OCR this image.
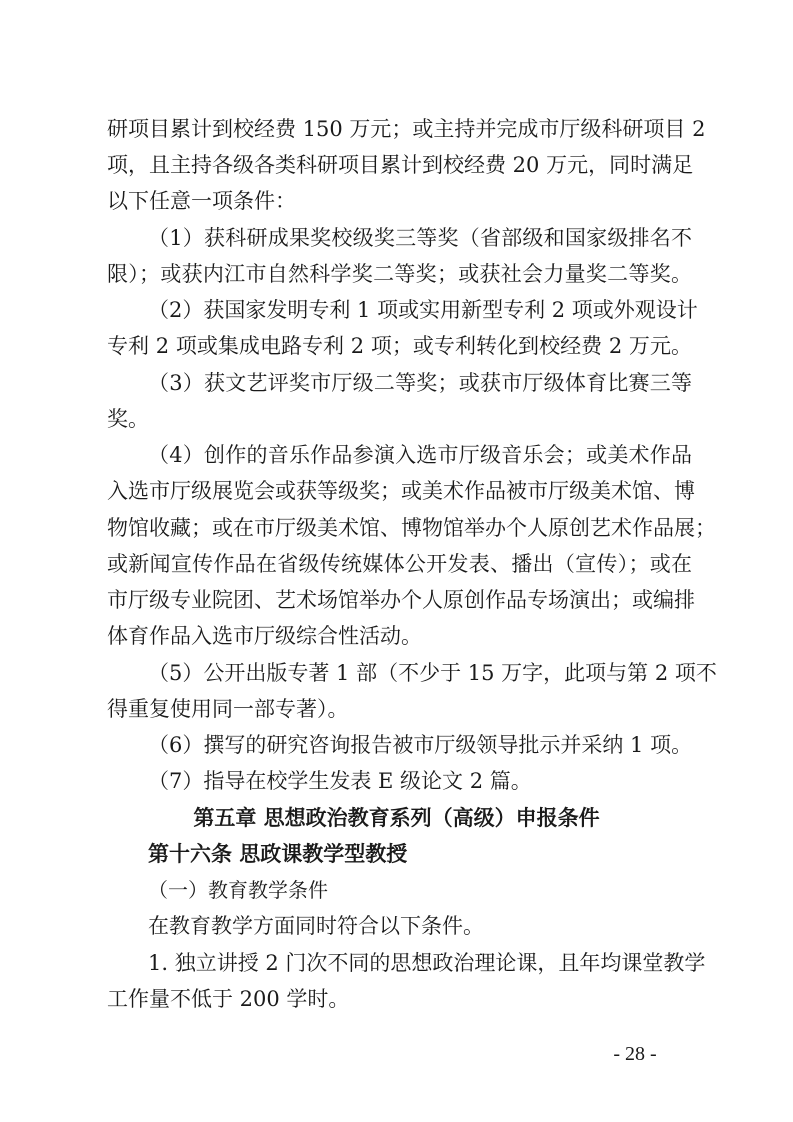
研项目累计到校经费 150 万元；或主持并完成市厅级科研项目 2
项，且主持各级各类科研项目累计到校经费 20 万元，同时满足
以下任意一项条件：
（1）获科研成果奖校级奖三等奖（省部级和国家级排名不
限）；或获内江市自然科学奖二等奖；或获社会力量奖二等奖。
（2）获国家发明专利 1 项或实用新型专利 2 项或外观设计
专利 2 项或集成电路专利 2 项；或专利转化到校经费 2 万元。
（3）获文艺评奖市厅级二等奖；或获市厅级体育比赛三等
奖。
（4）创作的音乐作品参演入选市厅级音乐会；或美术作品
入选市厅级展览会或获等级奖；或美术作品被市厅级美术馆、博
物馆收藏；或在市厅级美术馆、博物馆举办个人原创艺术作品展；
或新闻宣传作品在省级传统媒体公开发表、播出（宣传）；或在
市厅级专业院团、艺术场馆举办个人原创作品专场演出；或编排
体育作品入选市厅级综合性活动。
（5）公开出版专著 1 部（不少于 15 万字，此项与第 2 项不
得重复使用同一部专著）。
（6）撰写的研究咨询报告被市厅级领导批示并采纳 1 项。
（7）指导在校学生发表 E 级论文 2 篇。
第五章 思想政治教育系列（高级）申报条件
第十六条 思政课教学型教授
（一）教育教学条件
在教育教学方面同时符合以下条件。
1. 独立讲授 2 门次不同的思想政治理论课，且年均课堂教学
工作量不低于 200 学时。
- 28 -
